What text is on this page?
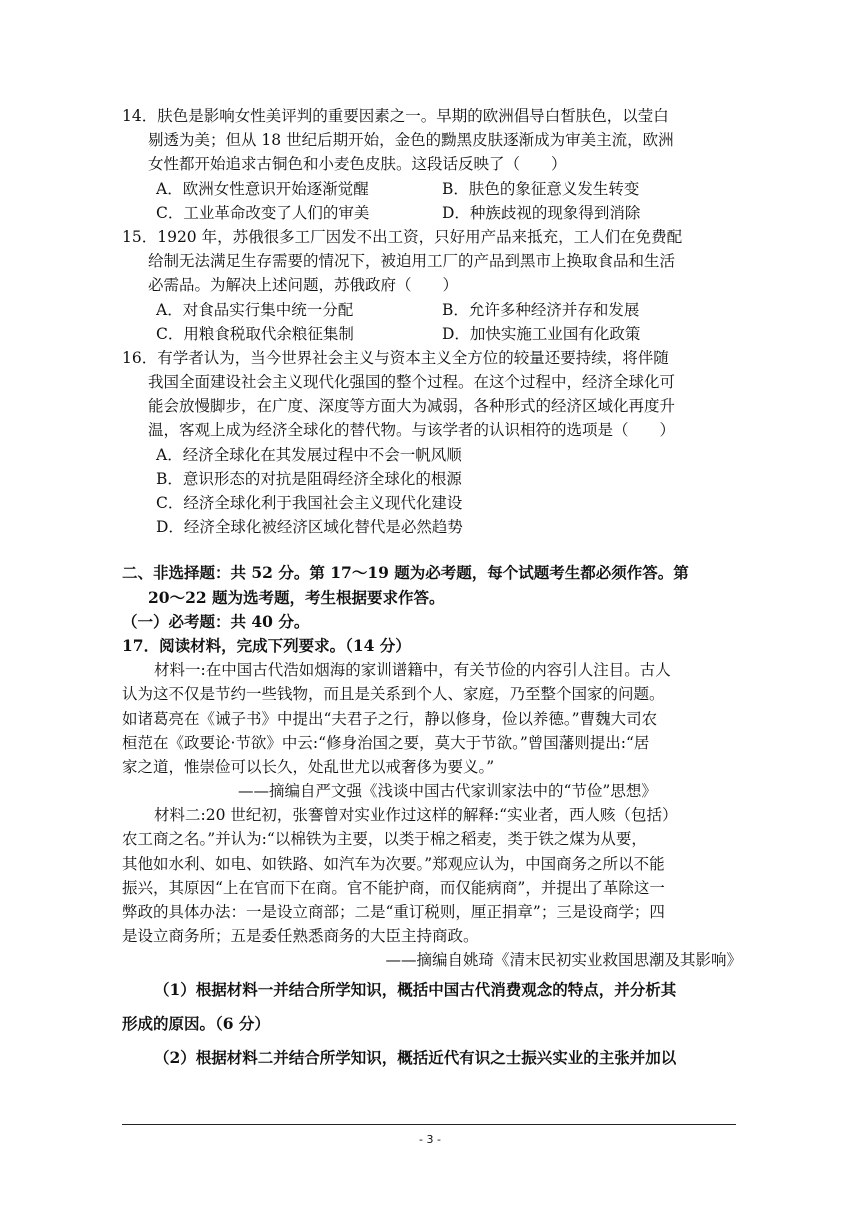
14．肤色是影响女性美评判的重要因素之一。早期的欧洲倡导白皙肤色，以莹白
剔透为美；但从 18 世纪后期开始，金色的黝黑皮肤逐渐成为审美主流，欧洲
女性都开始追求古铜色和小麦色皮肤。这段话反映了（　　）
A．欧洲女性意识开始逐渐觉醒	B．肤色的象征意义发生转变
C．工业革命改变了人们的审美	D．种族歧视的现象得到消除
15．1920 年，苏俄很多工厂因发不出工资，只好用产品来抵充，工人们在免费配
给制无法满足生存需要的情况下，被迫用工厂的产品到黑市上换取食品和生活
必需品。为解决上述问题，苏俄政府（　　）
A．对食品实行集中统一分配	B．允许多种经济并存和发展
C．用粮食税取代余粮征集制	D．加快实施工业国有化政策
16．有学者认为，当今世界社会主义与资本主义全方位的较量还要持续，将伴随
我国全面建设社会主义现代化强国的整个过程。在这个过程中，经济全球化可
能会放慢脚步，在广度、深度等方面大为减弱，各种形式的经济区域化再度升
温，客观上成为经济全球化的替代物。与该学者的认识相符的选项是（　　）
A．经济全球化在其发展过程中不会一帆风顺
B．意识形态的对抗是阻碍经济全球化的根源
C．经济全球化利于我国社会主义现代化建设
D．经济全球化被经济区域化替代是必然趋势
二、非选择题：共 52 分。第 17～19 题为必考题，每个试题考生都必须作答。第
20～22 题为选考题，考生根据要求作答。
（一）必考题：共 40 分。
17．阅读材料，完成下列要求。（14 分）
材料一:在中国古代浩如烟海的家训谱籍中，有关节俭的内容引人注目。古人
认为这不仅是节约一些钱物，而且是关系到个人、家庭，乃至整个国家的问题。
如诸葛亮在《诫子书》中提出“夫君子之行，静以修身，俭以养德。”曹魏大司农
桓范在《政要论·节欲》中云:“修身治国之要，莫大于节欲。”曾国藩则提出:“居
家之道，惟崇俭可以长久，处乱世尤以戒奢侈为要义。”
——摘编自严文强《浅谈中国古代家训家法中的“节俭”思想》
材料二:20 世纪初，张謇曾对实业作过这样的解释:“实业者，西人赅（包括）
农工商之名。”并认为:“以棉铁为主要，以类于棉之稻麦，类于铁之煤为从要，
其他如水利、如电、如铁路、如汽车为次要。”郑观应认为，中国商务之所以不能
振兴，其原因“上在官而下在商。官不能护商，而仅能病商”，并提出了革除这一
弊政的具体办法：一是设立商部；二是“重订税则，厘正捐章”；三是设商学；四
是设立商务所；五是委任熟悉商务的大臣主持商政。
——摘编自姚琦《清末民初实业救国思潮及其影响》
（1）根据材料一并结合所学知识，概括中国古代消费观念的特点，并分析其
形成的原因。（6 分）
（2）根据材料二并结合所学知识，概括近代有识之士振兴实业的主张并加以
- 3 -
